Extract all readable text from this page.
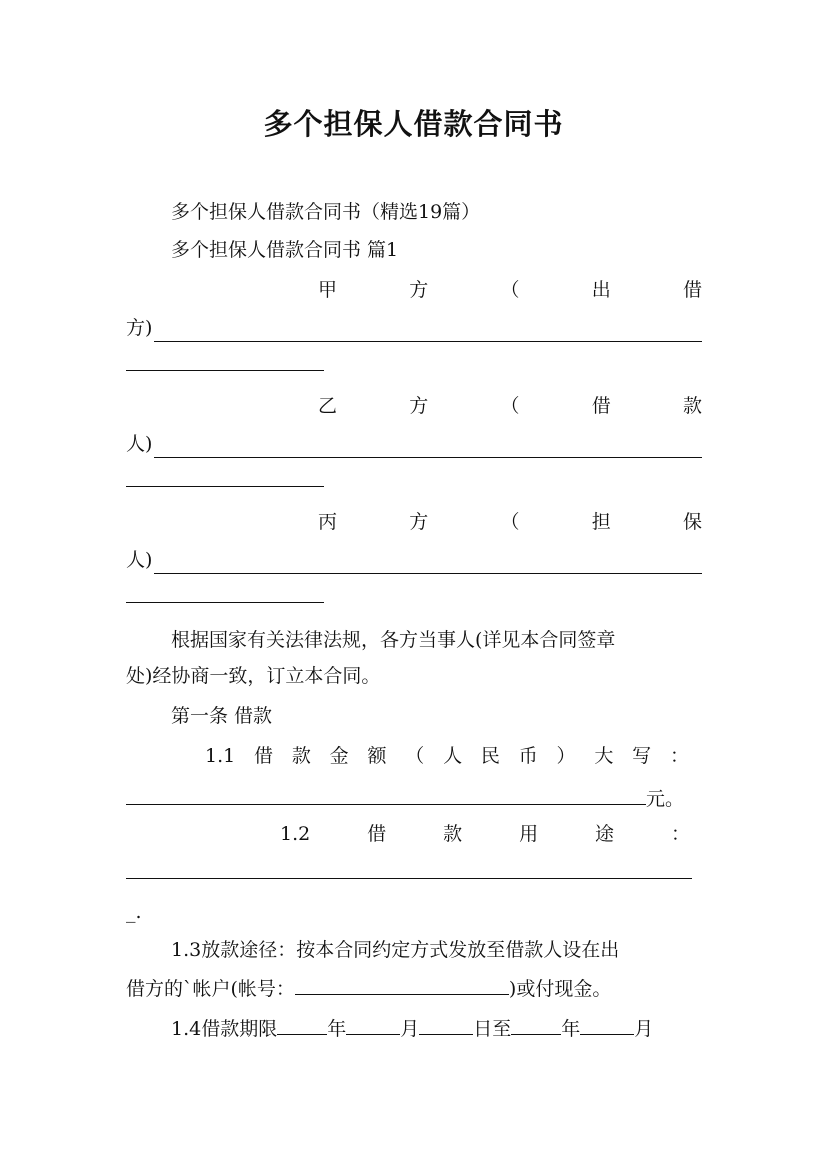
多个担保人借款合同书
多个担保人借款合同书（精选19篇）
多个担保人借款合同书 篇1
甲	方	（	出	借
方)
乙	方	（	借	款
人)
丙	方	（	担	保
人)
根据国家有关法律法规，各方当事人(详见本合同签章
处)经协商一致，订立本合同。
第一条 借款
1.1 借 款 金 额 （ 人 民 币 ） 大 写 ：
元。
1.2	借	款	用	途	：
_.
1.3放款途径：按本合同约定方式发放至借款人设在出
借方的`帐户(帐号：	)或付现金。
1.4借款期限	年	月	日至	年	月
